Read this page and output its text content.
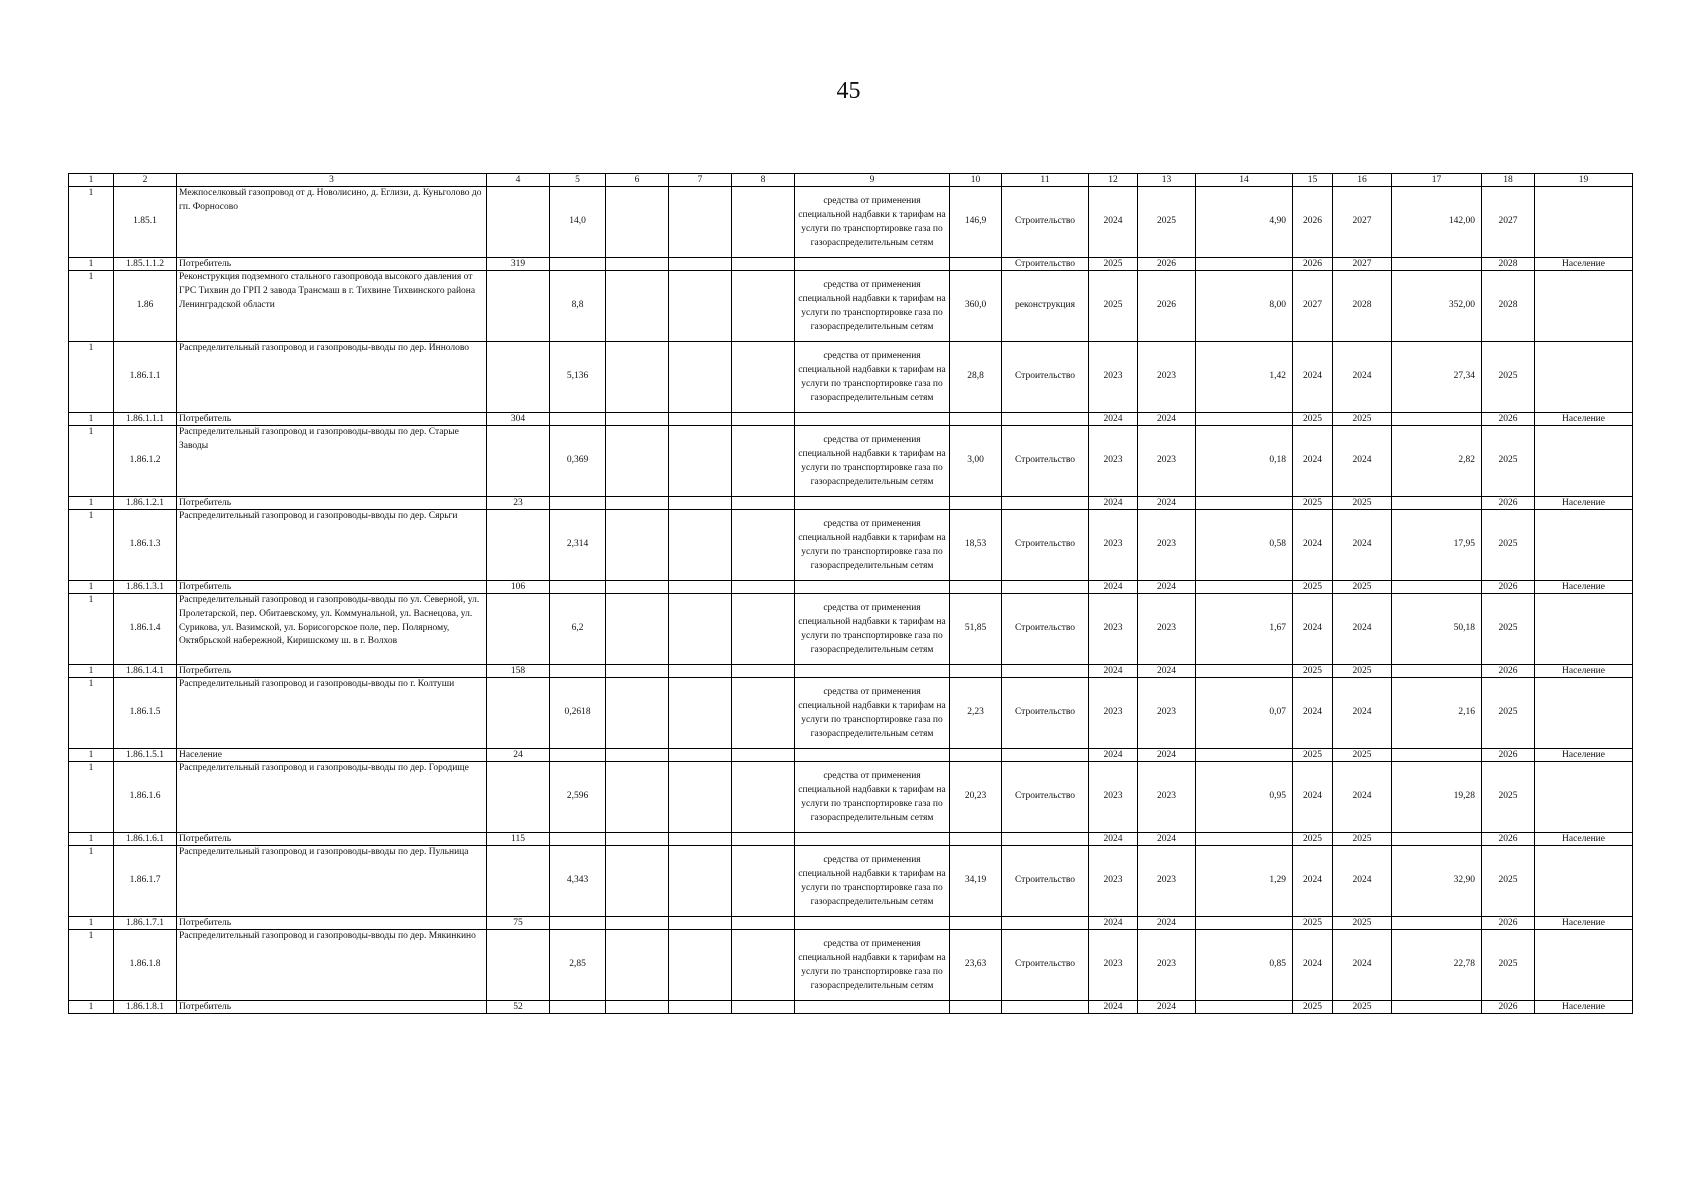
45
1	2	3	4	5	6	7	8	9	10	11	12	13	14	15	16	17	18	19
1	1.85.1	Межпоселковый газопровод от д. Новолисино, д. Еглизи, д. Куньголово до гп. Форносово		14,0				средства от применения специальной надбавки к тарифам на услуги по транспортировке газа по газораспределительным сетям	146,9	Строительство	2024	2025	4,90	2026	2027	142,00	2027	
1	1.85.1.1.2	Потребитель	319							Строительство	2025	2026		2026	2027		2028	Население
1	1.86	Реконструкция подземного стального газопровода высокого давления от ГРС Тихвин до ГРП 2 завода Трансмаш в г. Тихвине Тихвинского района Ленинградской области		8,8				средства от применения специальной надбавки к тарифам на услуги по транспортировке газа по газораспределительным сетям	360,0	реконструкция	2025	2026	8,00	2027	2028	352,00	2028	
1	1.86.1.1	Распределительный газопровод и газопроводы-вводы по дер. Иннолово		5,136				средства от применения специальной надбавки к тарифам на услуги по транспортировке газа по газораспределительным сетям	28,8	Строительство	2023	2023	1,42	2024	2024	27,34	2025	
1	1.86.1.1.1	Потребитель	304								2024	2024		2025	2025		2026	Население
1	1.86.1.2	Распределительный газопровод и газопроводы-вводы по дер. Старые Заводы		0,369				средства от применения специальной надбавки к тарифам на услуги по транспортировке газа по газораспределительным сетям	3,00	Строительство	2023	2023	0,18	2024	2024	2,82	2025	
1	1.86.1.2.1	Потребитель	23								2024	2024		2025	2025		2026	Население
1	1.86.1.3	Распределительный газопровод и газопроводы-вводы по дер. Сярьги		2,314				средства от применения специальной надбавки к тарифам на услуги по транспортировке газа по газораспределительным сетям	18,53	Строительство	2023	2023	0,58	2024	2024	17,95	2025	
1	1.86.1.3.1	Потребитель	106								2024	2024		2025	2025		2026	Население
1	1.86.1.4	Распределительный газопровод и газопроводы-вводы по ул. Северной, ул. Пролетарской, пер. Обитаевскому, ул. Коммунальной, ул. Васнецова, ул. Сурикова, ул. Вазимской, ул. Борисогорское поле, пер. Полярному, Октябрьской набережной, Киришскому ш. в г. Волхов		6,2				средства от применения специальной надбавки к тарифам на услуги по транспортировке газа по газораспределительным сетям	51,85	Строительство	2023	2023	1,67	2024	2024	50,18	2025	
1	1.86.1.4.1	Потребитель	158								2024	2024		2025	2025		2026	Население
1	1.86.1.5	Распределительный газопровод и газопроводы-вводы по г. Колтуши		0,2618				средства от применения специальной надбавки к тарифам на услуги по транспортировке газа по газораспределительным сетям	2,23	Строительство	2023	2023	0,07	2024	2024	2,16	2025	
1	1.86.1.5.1	Население	24								2024	2024		2025	2025		2026	Население
1	1.86.1.6	Распределительный газопровод и газопроводы-вводы по дер. Городище		2,596				средства от применения специальной надбавки к тарифам на услуги по транспортировке газа по газораспределительным сетям	20,23	Строительство	2023	2023	0,95	2024	2024	19,28	2025	
1	1.86.1.6.1	Потребитель	115								2024	2024		2025	2025		2026	Население
1	1.86.1.7	Распределительный газопровод и газопроводы-вводы по дер. Пульница		4,343				средства от применения специальной надбавки к тарифам на услуги по транспортировке газа по газораспределительным сетям	34,19	Строительство	2023	2023	1,29	2024	2024	32,90	2025	
1	1.86.1.7.1	Потребитель	75								2024	2024		2025	2025		2026	Население
1	1.86.1.8	Распределительный газопровод и газопроводы-вводы по дер. Мякинкино		2,85				средства от применения специальной надбавки к тарифам на услуги по транспортировке газа по газораспределительным сетям	23,63	Строительство	2023	2023	0,85	2024	2024	22,78	2025	
1	1.86.1.8.1	Потребитель	52								2024	2024		2025	2025		2026	Население
